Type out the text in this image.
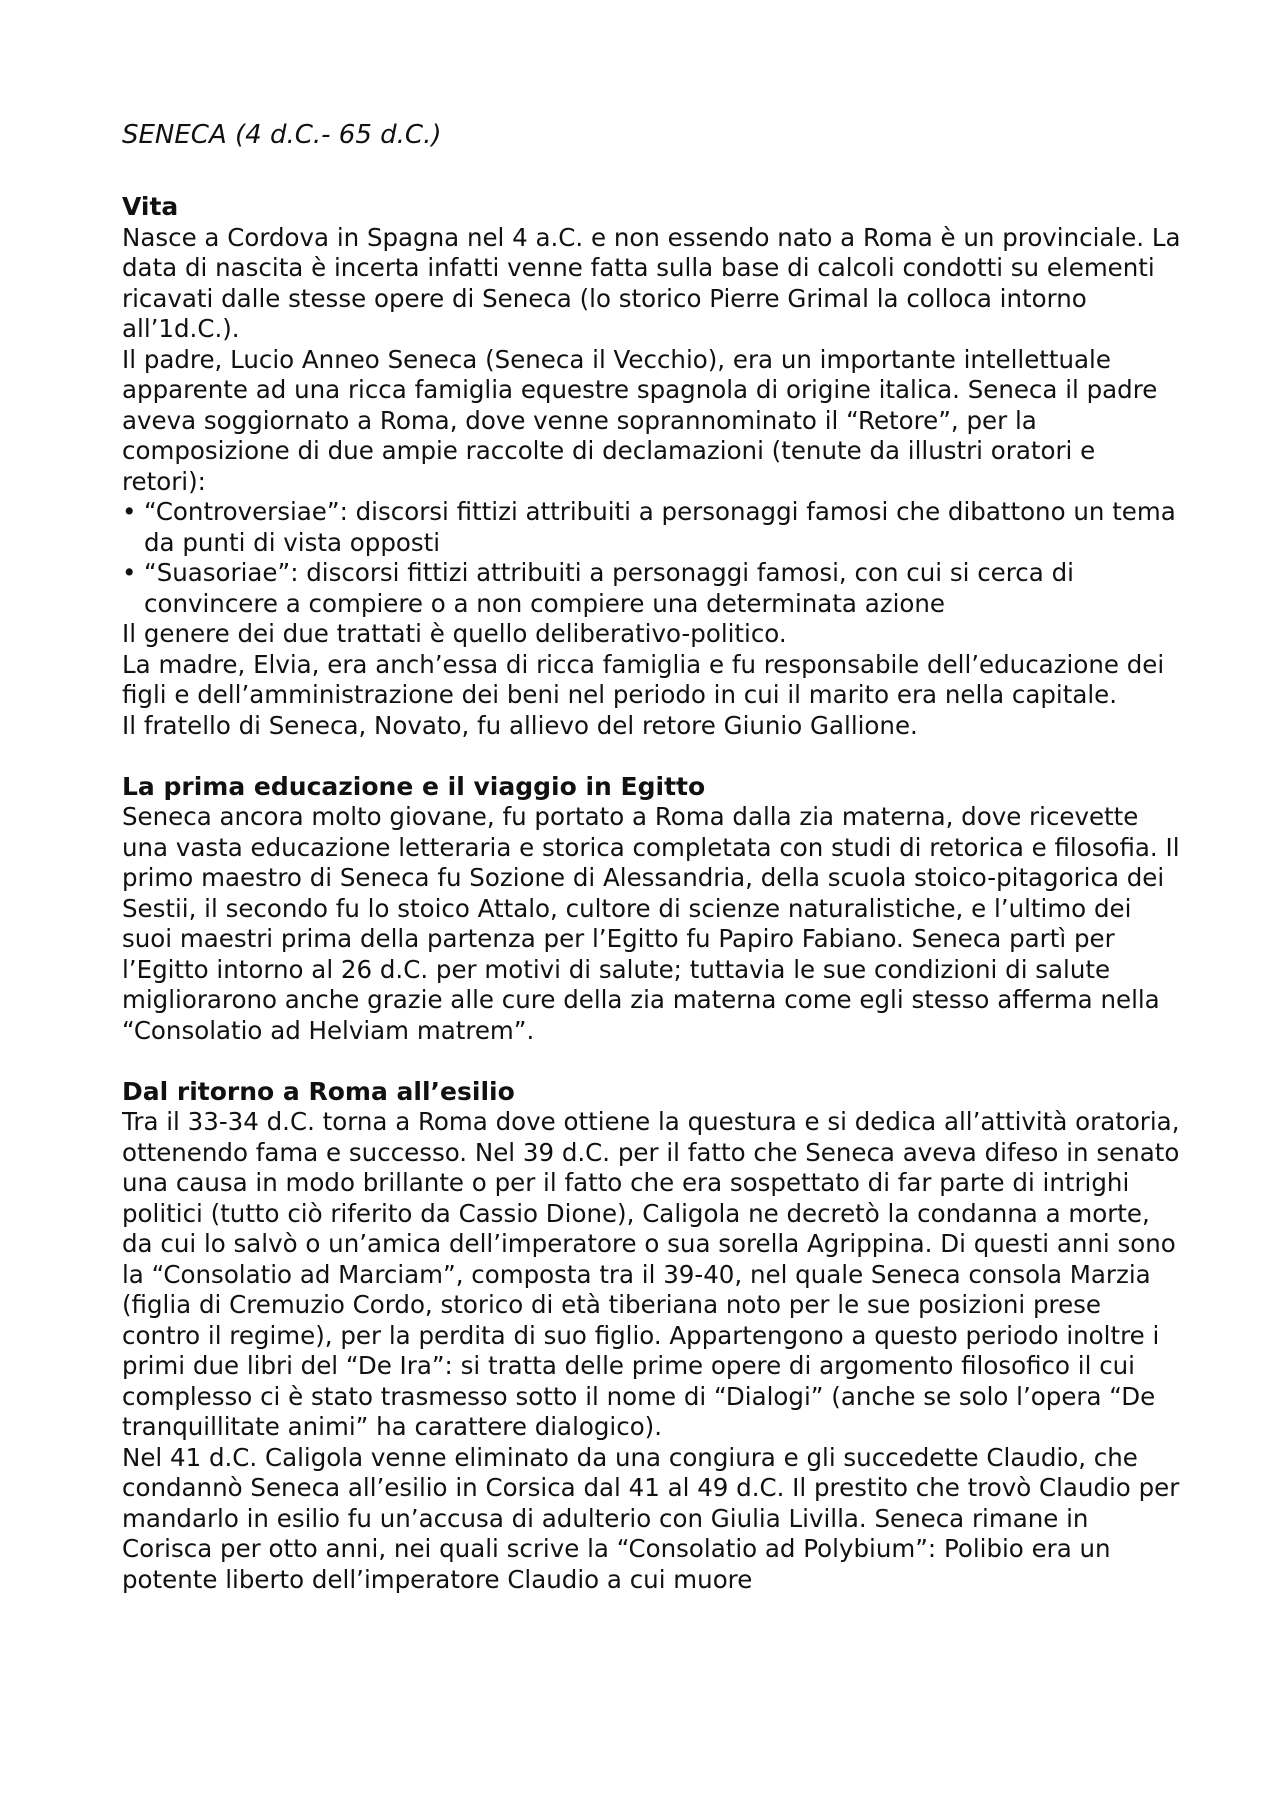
SENECA (4 d.C.- 65 d.C.)

Vita

Nasce a Cordova in Spagna nel 4 a.C. e non essendo nato a Roma è un provinciale. La data di nascita è incerta infatti venne fatta sulla base di calcoli condotti su elementi ricavati dalle stesse opere di Seneca (lo storico Pierre Grimal la colloca intorno all’1d.C.).

Il padre, Lucio Anneo Seneca (Seneca il Vecchio), era un importante intellettuale apparente ad una ricca famiglia equestre spagnola di origine italica. Seneca il padre aveva soggiornato a Roma, dove venne soprannominato il “Retore”, per la composizione di due ampie raccolte di declamazioni (tenute da illustri oratori e retori):

• “Controversiae”: discorsi fittizi attribuiti a personaggi famosi che dibattono un tema da punti di vista opposti
• “Suasoriae”: discorsi fittizi attribuiti a personaggi famosi, con cui si cerca di convincere a compiere o a non compiere una determinata azione

Il genere dei due trattati è quello deliberativo-politico.

La madre, Elvia, era anch’essa di ricca famiglia e fu responsabile dell’educazione dei figli e dell’amministrazione dei beni nel periodo in cui il marito era nella capitale.

Il fratello di Seneca, Novato, fu allievo del retore Giunio Gallione.

La prima educazione e il viaggio in Egitto

Seneca ancora molto giovane, fu portato a Roma dalla zia materna, dove ricevette una vasta educazione letteraria e storica completata con studi di retorica e filosofia. Il primo maestro di Seneca fu Sozione di Alessandria, della scuola stoico-pitagorica dei Sestii, il secondo fu lo stoico Attalo, cultore di scienze naturalistiche, e l’ultimo dei suoi maestri prima della partenza per l’Egitto fu Papiro Fabiano. Seneca partì per l’Egitto intorno al 26 d.C. per motivi di salute; tuttavia le sue condizioni di salute migliorarono anche grazie alle cure della zia materna come egli stesso afferma nella “Consolatio ad Helviam matrem”.

Dal ritorno a Roma all’esilio

Tra il 33-34 d.C. torna a Roma dove ottiene la questura e si dedica all’attività oratoria, ottenendo fama e successo. Nel 39 d.C. per il fatto che Seneca aveva difeso in senato una causa in modo brillante o per il fatto che era sospettato di far parte di intrighi politici (tutto ciò riferito da Cassio Dione), Caligola ne decretò la condanna a morte, da cui lo salvò o un’amica dell’imperatore o sua sorella Agrippina. Di questi anni sono la “Consolatio ad Marciam”, composta tra il 39-40, nel quale Seneca consola Marzia (figlia di Cremuzio Cordo, storico di età tiberiana noto per le sue posizioni prese contro il regime), per la perdita di suo figlio. Appartengono a questo periodo inoltre i primi due libri del “De Ira”: si tratta delle prime opere di argomento filosofico il cui complesso ci è stato trasmesso sotto il nome di “Dialogi” (anche se solo l’opera “De tranquillitate animi” ha carattere dialogico).

Nel 41 d.C. Caligola venne eliminato da una congiura e gli succedette Claudio, che condannò Seneca all’esilio in Corsica dal 41 al 49 d.C. Il prestito che trovò Claudio per mandarlo in esilio fu un’accusa di adulterio con Giulia Livilla. Seneca rimane in Corisca per otto anni, nei quali scrive la “Consolatio ad Polybium”: Polibio era un potente liberto dell’imperatore Claudio a cui muore
